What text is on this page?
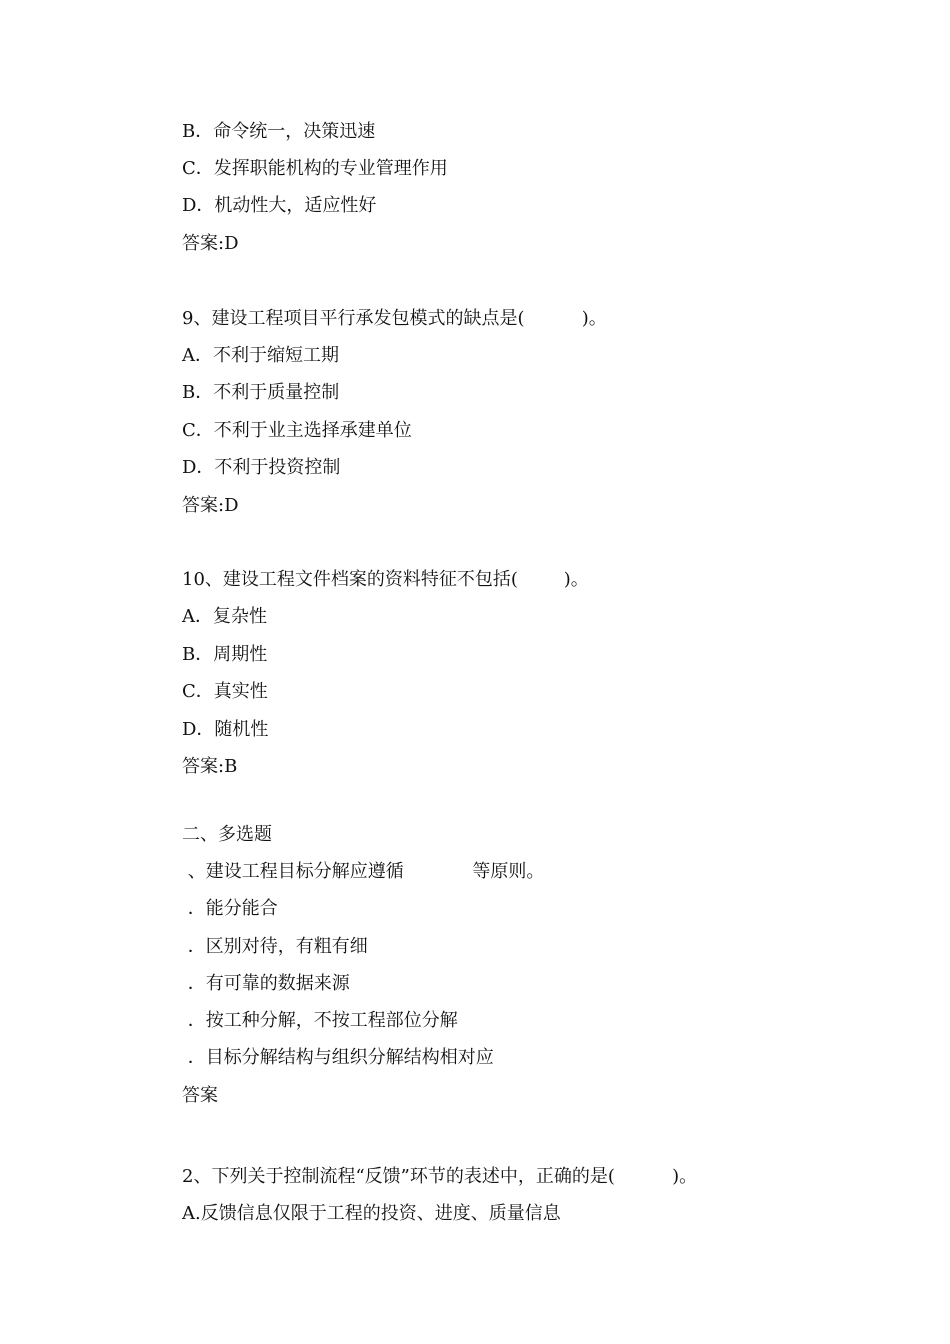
B．命令统一，决策迅速
C．发挥职能机构的专业管理作用
D．机动性大，适应性好
答案:D
9、建设工程项目平行承发包模式的缺点是(          )。
A．不利于缩短工期
B．不利于质量控制
C．不利于业主选择承建单位
D．不利于投资控制
答案:D
10、建设工程文件档案的资料特征不包括(        )。
A．复杂性
B．周期性
C．真实性
D．随机性
答案:B
二、多选题
、建设工程目标分解应遵循            等原则。
．能分能合
．区别对待，有粗有细
．有可靠的数据来源
．按工种分解，不按工程部位分解
．目标分解结构与组织分解结构相对应
答案
2、下列关于控制流程“反馈”环节的表述中，正确的是(          )。
A.反馈信息仅限于工程的投资、进度、质量信息
